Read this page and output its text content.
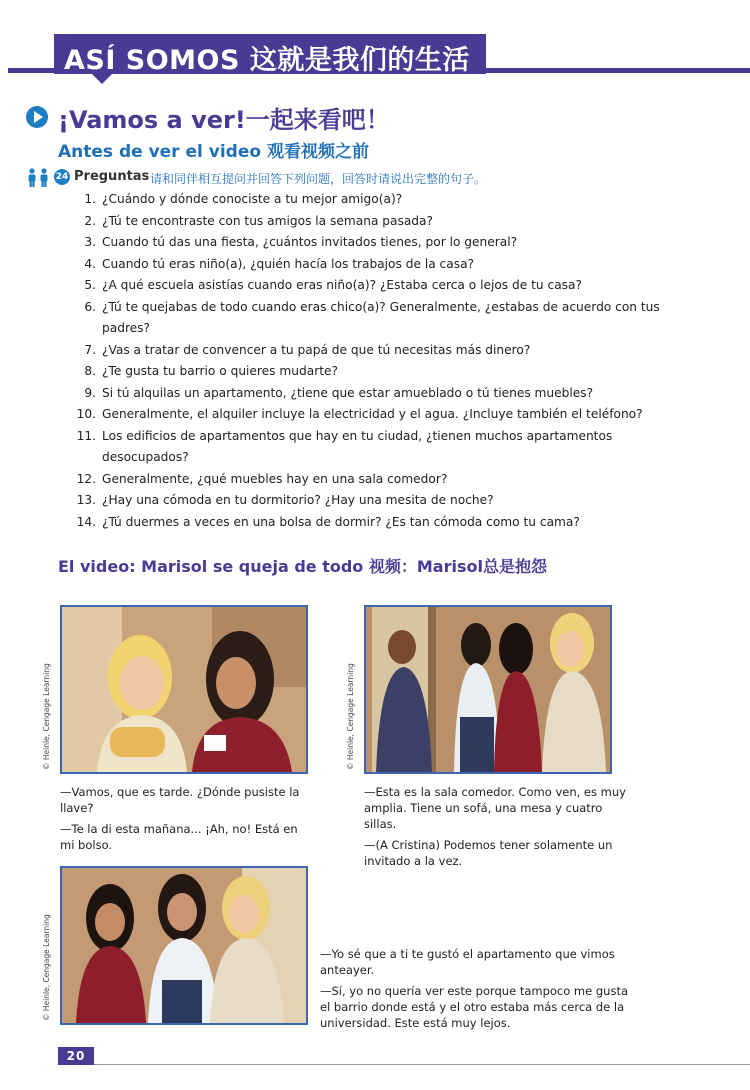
ASÍ SOMOS 这就是我们的生活
¡Vamos a ver!一起来看吧！
Antes de ver el video 观看视频之前
24 Preguntas 请和同伴相互提问并回答下列问题，回答时请说出完整的句子。
1. ¿Cuándo y dónde conociste a tu mejor amigo(a)?
2. ¿Tú te encontraste con tus amigos la semana pasada?
3. Cuando tú das una fiesta, ¿cuántos invitados tienes, por lo general?
4. Cuando tú eras niño(a), ¿quién hacía los trabajos de la casa?
5. ¿A qué escuela asistías cuando eras niño(a)? ¿Estaba cerca o lejos de tu casa?
6. ¿Tú te quejabas de todo cuando eras chico(a)? Generalmente, ¿estabas de acuerdo con tus padres?
7. ¿Vas a tratar de convencer a tu papá de que tú necesitas más dinero?
8. ¿Te gusta tu barrio o quieres mudarte?
9. Si tú alquilas un apartamento, ¿tiene que estar amueblado o tú tienes muebles?
10. Generalmente, el alquiler incluye la electricidad y el agua. ¿Incluye también el teléfono?
11. Los edificios de apartamentos que hay en tu ciudad, ¿tienen muchos apartamentos desocupados?
12. Generalmente, ¿qué muebles hay en una sala comedor?
13. ¿Hay una cómoda en tu dormitorio? ¿Hay una mesita de noche?
14. ¿Tú duermes a veces en una bolsa de dormir? ¿Es tan cómoda como tu cama?
El video: Marisol se queja de todo 视频：Marisol总是抱怨
© Heinle, Cengage Learning	© Heinle, Cengage Learning
© Heinle, Cengage Learning

—Vamos, que es tarde. ¿Dónde pusiste la llave?

—Te la di esta mañana... ¡Ah, no! Está en mi bolso.

—Esta es la sala comedor. Como ven, es muy amplia. Tiene un sofá, una mesa y cuatro sillas.

—(A Cristina) Podemos tener solamente un invitado a la vez.

—Yo sé que a ti te gustó el apartamento que vimos anteayer.

—Sí, yo no quería ver este porque tampoco me gusta el barrio donde está y el otro estaba más cerca de la universidad. Este está muy lejos.

20
